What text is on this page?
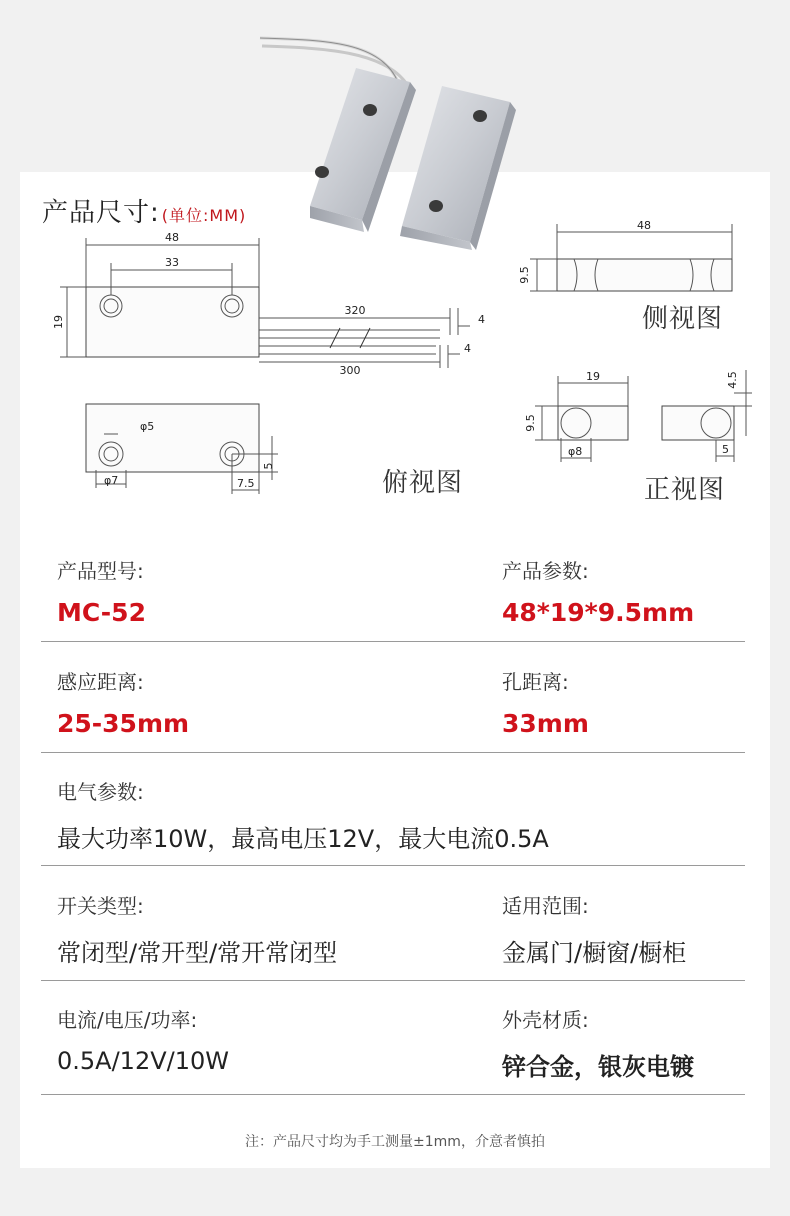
产品尺寸: (单位:MM)
48
33
19
320
300
4
4
φ5
φ7	7.5
5
48
9.5
19
9.5
φ8
4.5
5
侧视图
俯视图	正视图
产品型号:
MC-52
产品参数:
48*19*9.5mm
感应距离:
25-35mm
孔距离:
33mm
电气参数:
最大功率10W，最高电压12V，最大电流0.5A
开关类型:
常闭型/常开型/常开常闭型
适用范围:
金属门/橱窗/橱柜
电流/电压/功率:
0.5A/12V/10W
外壳材质:
锌合金，银灰电镀
注：产品尺寸均为手工测量±1mm，介意者慎拍
